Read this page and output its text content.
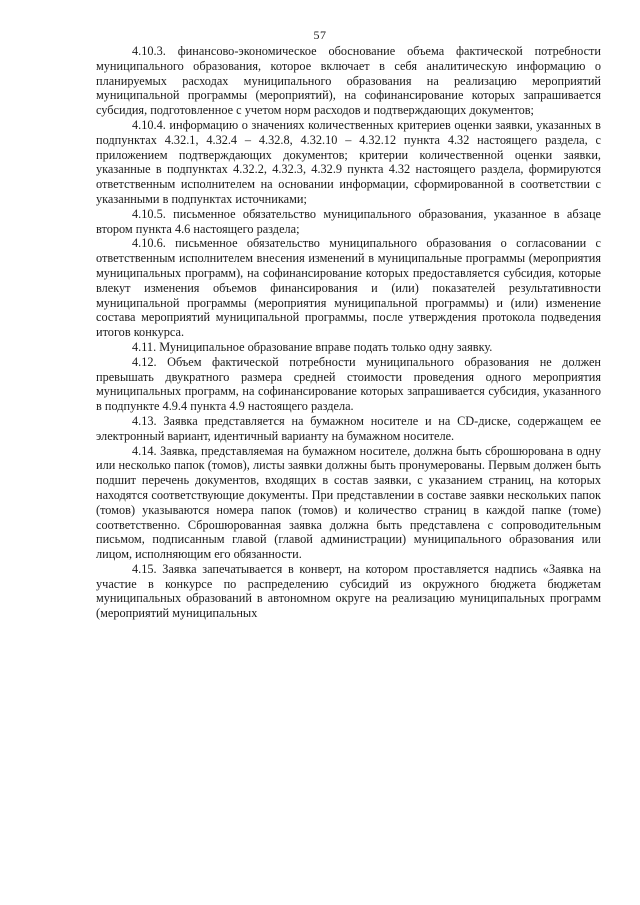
57

4.10.3. финансово-экономическое обоснование объема фактической потребности муниципального образования, которое включает в себя аналитическую информацию о планируемых расходах муниципального образования на реализацию мероприятий муниципальной программы (мероприятий), на софинансирование которых запрашивается субсидия, подготовленное с учетом норм расходов и подтверждающих документов;

4.10.4. информацию о значениях количественных критериев оценки заявки, указанных в подпунктах 4.32.1, 4.32.4 – 4.32.8, 4.32.10 – 4.32.12 пункта 4.32 настоящего раздела, с приложением подтверждающих документов; критерии количественной оценки заявки, указанные в подпунктах 4.32.2, 4.32.3, 4.32.9 пункта 4.32 настоящего раздела, формируются ответственным исполнителем на основании информации, сформированной в соответствии с указанными в подпунктах источниками;

4.10.5. письменное обязательство муниципального образования, указанное в абзаце втором пункта 4.6 настоящего раздела;

4.10.6. письменное обязательство муниципального образования о согласовании с ответственным исполнителем внесения изменений в муниципальные программы (мероприятия муниципальных программ), на софинансирование которых предоставляется субсидия, которые влекут изменения объемов финансирования и (или) показателей результативности муниципальной программы (мероприятия муниципальной программы) и (или) изменение состава мероприятий муниципальной программы, после утверждения протокола подведения итогов конкурса.

4.11. Муниципальное образование вправе подать только одну заявку.

4.12. Объем фактической потребности муниципального образования не должен превышать двукратного размера средней стоимости проведения одного мероприятия муниципальных программ, на софинансирование которых запрашивается субсидия, указанного в подпункте 4.9.4 пункта 4.9 настоящего раздела.

4.13. Заявка представляется на бумажном носителе и на CD-диске, содержащем ее электронный вариант, идентичный варианту на бумажном носителе.

4.14. Заявка, представляемая на бумажном носителе, должна быть сброшюрована в одну или несколько папок (томов), листы заявки должны быть пронумерованы. Первым должен быть подшит перечень документов, входящих в состав заявки, с указанием страниц, на которых находятся соответствующие документы. При представлении в составе заявки нескольких папок (томов) указываются номера папок (томов) и количество страниц в каждой папке (томе) соответственно. Сброшюрованная заявка должна быть представлена с сопроводительным письмом, подписанным главой (главой администрации) муниципального образования или лицом, исполняющим его обязанности.

4.15. Заявка запечатывается в конверт, на котором проставляется надпись «Заявка на участие в конкурсе по распределению субсидий из окружного бюджета бюджетам муниципальных образований в автономном округе на реализацию муниципальных программ (мероприятий муниципальных
